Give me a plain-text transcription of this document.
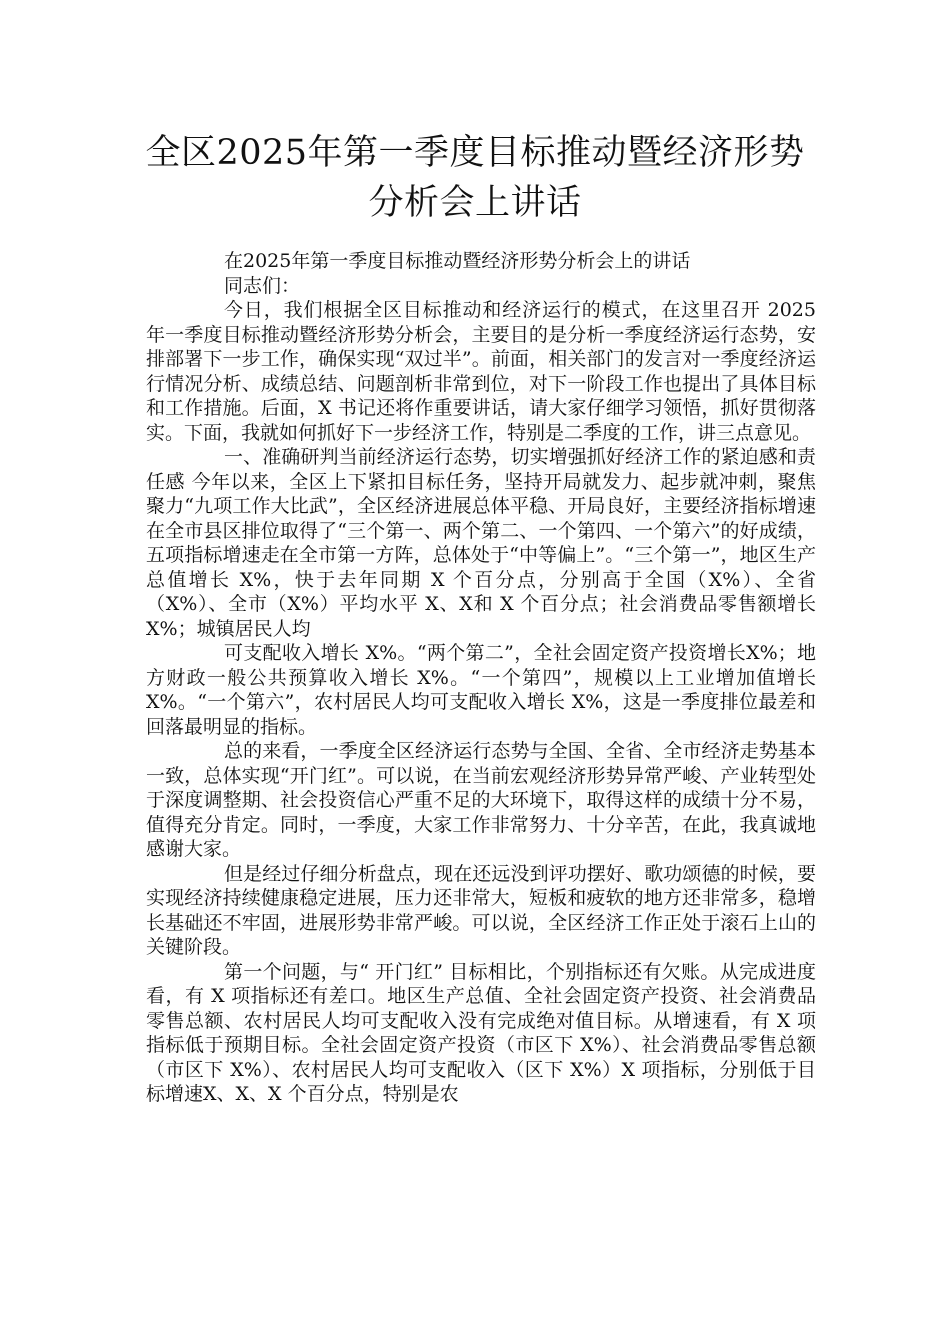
全区2025年第一季度目标推动暨经济形势
分析会上讲话

在2025年第一季度目标推动暨经济形势分析会上的讲话

同志们：

今日，我们根据全区目标推动和经济运行的模式，在这里召开 2025 年一季度目标推动暨经济形势分析会，主要目的是分析一季度经济运行态势，安排部署下一步工作，确保实现“双过半”。前面，相关部门的发言对一季度经济运行情况分析、成绩总结、问题剖析非常到位，对下一阶段工作也提出了具体目标和工作措施。后面，X 书记还将作重要讲话，请大家仔细学习领悟，抓好贯彻落实。下面，我就如何抓好下一步经济工作，特别是二季度的工作，讲三点意见。

一、准确研判当前经济运行态势，切实增强抓好经济工作的紧迫感和责任感 今年以来，全区上下紧扣目标任务，坚持开局就发力、起步就冲刺，聚焦聚力“九项工作大比武”，全区经济进展总体平稳、开局良好，主要经济指标增速在全市县区排位取得了“三个第一、两个第二、一个第四、一个第六”的好成绩，五项指标增速走在全市第一方阵，总体处于“中等偏上”。“三个第一”，地区生产总值增长 X%，快于去年同期 X 个百分点，分别高于全国（X%）、全省（X%）、全市（X%）平均水平 X、X和 X 个百分点；社会消费品零售额增长 X%；城镇居民人均

可支配收入增长 X%。“两个第二”，全社会固定资产投资增长X%；地方财政一般公共预算收入增长 X%。“一个第四”，规模以上工业增加值增长 X%。“一个第六”，农村居民人均可支配收入增长 X%，这是一季度排位最差和回落最明显的指标。

总的来看，一季度全区经济运行态势与全国、全省、全市经济走势基本一致，总体实现“开门红”。可以说，在当前宏观经济形势异常严峻、产业转型处于深度调整期、社会投资信心严重不足的大环境下，取得这样的成绩十分不易，值得充分肯定。同时，一季度，大家工作非常努力、十分辛苦，在此，我真诚地感谢大家。

但是经过仔细分析盘点，现在还远没到评功摆好、歌功颂德的时候，要实现经济持续健康稳定进展，压力还非常大，短板和疲软的地方还非常多，稳增长基础还不牢固，进展形势非常严峻。可以说，全区经济工作正处于滚石上山的关键阶段。

第一个问题，与“ 开门红” 目标相比，个别指标还有欠账。从完成进度看，有 X 项指标还有差口。地区生产总值、全社会固定资产投资、社会消费品零售总额、农村居民人均可支配收入没有完成绝对值目标。从增速看，有 X 项指标低于预期目标。全社会固定资产投资（市区下 X%）、社会消费品零售总额（市区下 X%）、农村居民人均可支配收入（区下 X%）X 项指标，分别低于目标增速X、X、X 个百分点，特别是农
